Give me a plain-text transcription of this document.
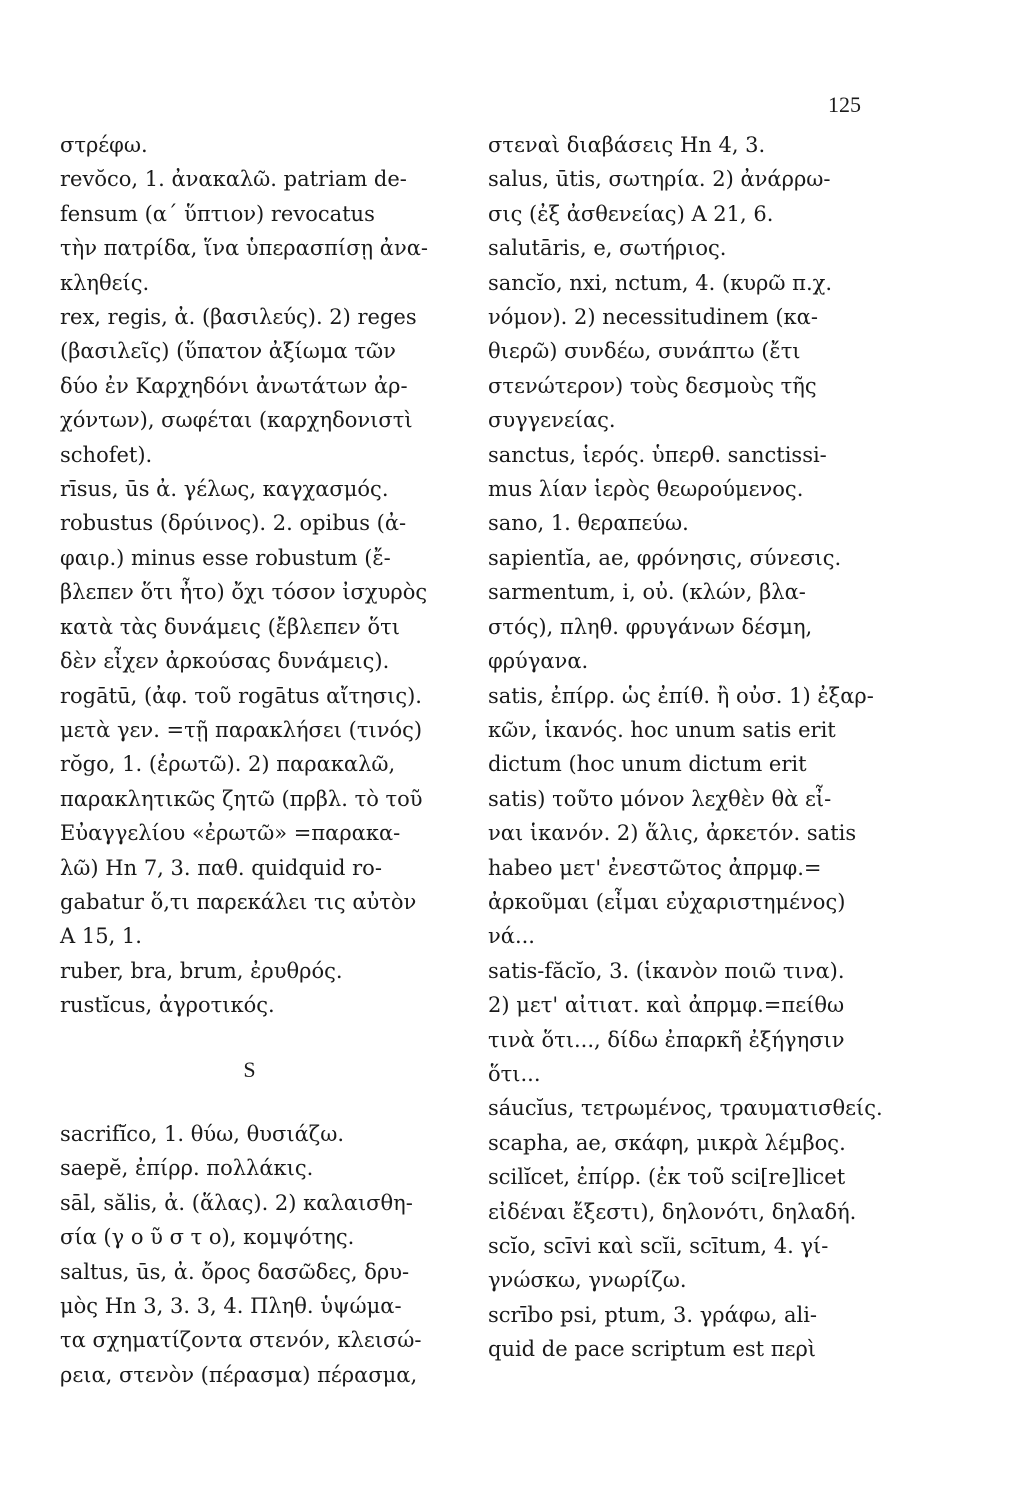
125
στρέφω.
revŏco, 1. ἀνακαλῶ. patriam de-
fensum (α΄ ὕπτιον) revocatus
τὴν πατρίδα, ἵνα ὑπερασπίσῃ ἀνα-
κληθείς.
rex, regis, ἀ. (βασιλεύς). 2) reges
(βασιλεῖς) (ὕπατον ἀξίωμα τῶν
δύο ἐν Καρχηδόνι ἀνωτάτων ἀρ-
χόντων), σωφέται (καρχηδονιστὶ
schofet).
rīsus, ūs ἀ. γέλως, καγχασμός.
robustus (δρύινος). 2. opibus (ἀ-
φαιρ.) minus esse robustum (ἔ-
βλεπεν ὅτι ἦτο) ὄχι τόσον ἰσχυρὸς
κατὰ τὰς δυνάμεις (ἔβλεπεν ὅτι
δὲν εἶχεν ἀρκούσας δυνάμεις).
rogātū, (ἀφ. τοῦ rogātus αἴτησις).
μετὰ γεν. =τῇ παρακλήσει (τινός)
rŏgo, 1. (ἐρωτῶ). 2) παρακαλῶ,
παρακλητικῶς ζητῶ (πρβλ. τὸ τοῦ
Εὐαγγελίου «ἐρωτῶ» =παρακα-
λῶ) Hn 7, 3. παθ. quidquid ro-
gabatur ὅ,τι παρεκάλει τις αὐτὸν
A 15, 1.
ruber, bra, brum, ἐρυθρός.
rustĭcus, ἀγροτικός.
S
sacrifĭco, 1. θύω, θυσιάζω.
saepĕ, ἐπίρρ. πολλάκις.
sāl, sălis, ἀ. (ἅλας). 2) καλαισθη-
σία (γ ο ῦ σ τ ο), κομψότης.
saltus, ūs, ἀ. ὄρος δασῶδες, δρυ-
μὸς Hn 3, 3. 3, 4. Πληθ. ὑψώμα-
τα σχηματίζοντα στενόν, κλεισώ-
ρεια, στενὸν (πέρασμα) πέρασμα,
στεναὶ διαβάσεις Hn 4, 3.
salus, ūtis, σωτηρία. 2) ἀνάρρω-
σις (ἐξ ἀσθενείας) A 21, 6.
salutāris, e, σωτήριος.
sancĭo, nxi, nctum, 4. (κυρῶ π.χ.
νόμον). 2) necessitudinem (κα-
θιερῶ) συνδέω, συνάπτω (ἔτι
στενώτερον) τοὺς δεσμοὺς τῆς
συγγενείας.
sanctus, ἱερός. ὑπερθ. sanctissi-
mus λίαν ἱερὸς θεωρούμενος.
sano, 1. θεραπεύω.
sapientĭa, ae, φρόνησις, σύνεσις.
sarmentum, i, οὐ. (κλών, βλα-
στός), πληθ. φρυγάνων δέσμη,
φρύγανα.
satis, ἐπίρρ. ὡς ἐπίθ. ἢ οὐσ. 1) ἐξαρ-
κῶν, ἱκανός. hoc unum satis erit
dictum (hoc unum dictum erit
satis) τοῦτο μόνον λεχθὲν θὰ εἶ-
ναι ἱκανόν. 2) ἅλις, ἀρκετόν. satis
habeo μετ' ἐνεστῶτος ἀπρμφ.=
ἀρκοῦμαι (εἶμαι εὐχαριστημένος)
νά...
satis-făcĭo, 3. (ἱκανὸν ποιῶ τινα).
2) μετ' αἰτιατ. καὶ ἀπρμφ.=πείθω
τινὰ ὅτι..., δίδω ἐπαρκῆ ἐξήγησιν
ὅτι...
sáucĭus, τετρωμένος, τραυματισθείς.
scapha, ae, σκάφη, μικρὰ λέμβος.
scilĭcet, ἐπίρρ. (ἐκ τοῦ sci[re]licet
εἰδέναι ἔξεστι), δηλονότι, δηλαδή.
scĭo, scīvi καὶ scĭi, scītum, 4. γί-
γνώσκω, γνωρίζω.
scrībo psi, ptum, 3. γράφω, ali-
quid de pace scriptum est περὶ
